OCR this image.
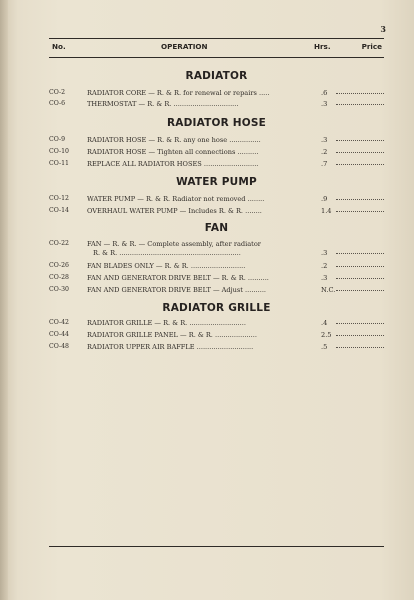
3
No.	OPERATION	Hrs.	Price
RADIATOR
CO-2	RADIATOR CORE — R. & R. for renewal or repairs .....	.6
CO-6	THERMOSTAT — R. & R. ...............................	.3
RADIATOR HOSE
CO-9	RADIATOR HOSE — R. & R. any one hose ...............	.3
CO-10	RADIATOR HOSE — Tighten all connections ..........	.2
CO-11	REPLACE ALL RADIATOR HOSES ..........................	.7
WATER PUMP
CO-12	WATER PUMP — R. & R. Radiator not removed ........	.9
CO-14	OVERHAUL WATER PUMP — Includes R. & R. ........	1.4
FAN
CO-22	FAN — R. & R. — Complete assembly, after radiator
R. & R. ..........................................................	.3
CO-26	FAN BLADES ONLY — R. & R. ..........................	.2
CO-28	FAN AND GENERATOR DRIVE BELT — R. & R. ..........	.3
CO-30	FAN AND GENERATOR DRIVE BELT — Adjust ..........	N.C.
RADIATOR GRILLE
CO-42	RADIATOR GRILLE — R. & R. ...........................	.4
CO-44	RADIATOR GRILLE PANEL — R. & R. ....................	2.5
CO-48	RADIATOR UPPER AIR BAFFLE ...........................	.5
